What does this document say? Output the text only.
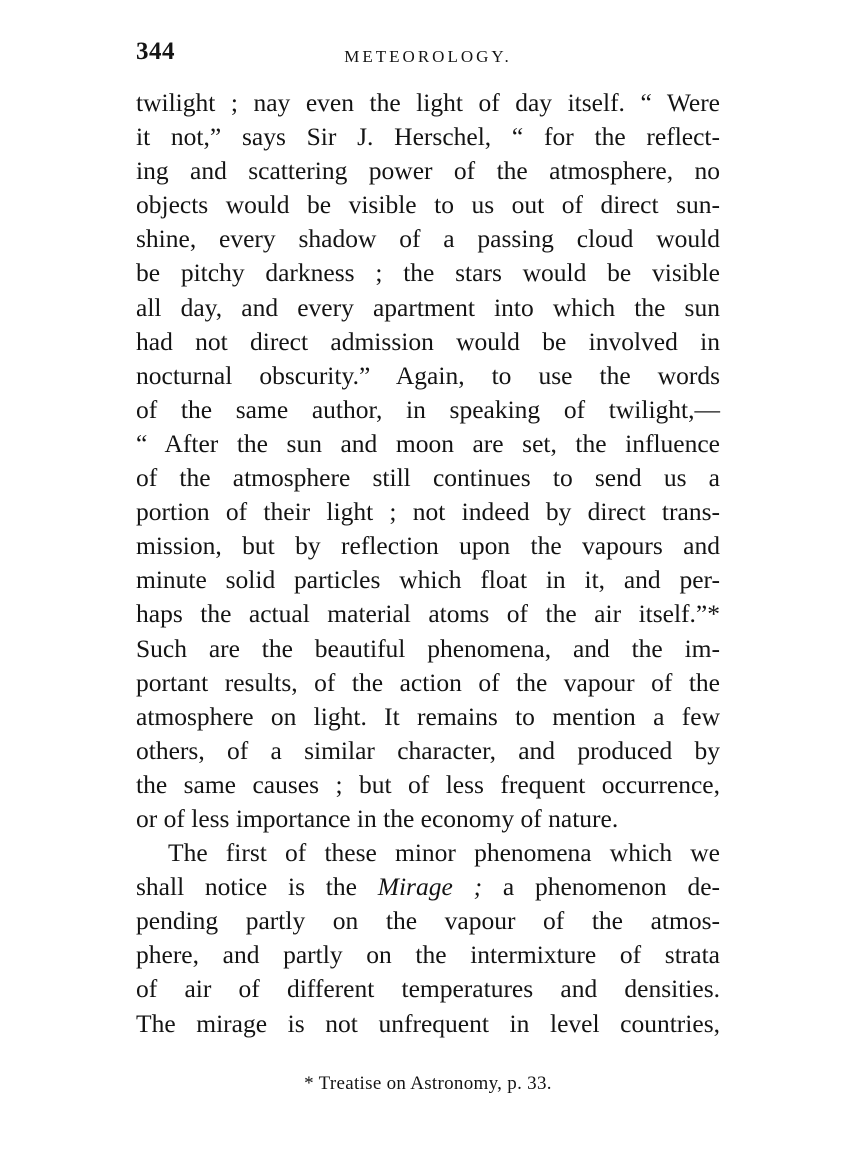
344	METEOROLOGY.
twilight ; nay even the light of day itself. “ Were
it not,” says Sir J. Herschel, “ for the reflect-
ing and scattering power of the atmosphere, no
objects would be visible to us out of direct sun-
shine, every shadow of a passing cloud would
be pitchy darkness ; the stars would be visible
all day, and every apartment into which the sun
had not direct admission would be involved in
nocturnal obscurity.” Again, to use the words
of the same author, in speaking of twilight,—
“ After the sun and moon are set, the influence
of the atmosphere still continues to send us a
portion of their light ; not indeed by direct trans-
mission, but by reflection upon the vapours and
minute solid particles which float in it, and per-
haps the actual material atoms of the air itself.”*
Such are the beautiful phenomena, and the im-
portant results, of the action of the vapour of the
atmosphere on light. It remains to mention a few
others, of a similar character, and produced by
the same causes ; but of less frequent occurrence,
or of less importance in the economy of nature.
The first of these minor phenomena which we
shall notice is the Mirage ; a phenomenon de-
pending partly on the vapour of the atmos-
phere, and partly on the intermixture of strata
of air of different temperatures and densities.
The mirage is not unfrequent in level countries,
* Treatise on Astronomy, p. 33.
